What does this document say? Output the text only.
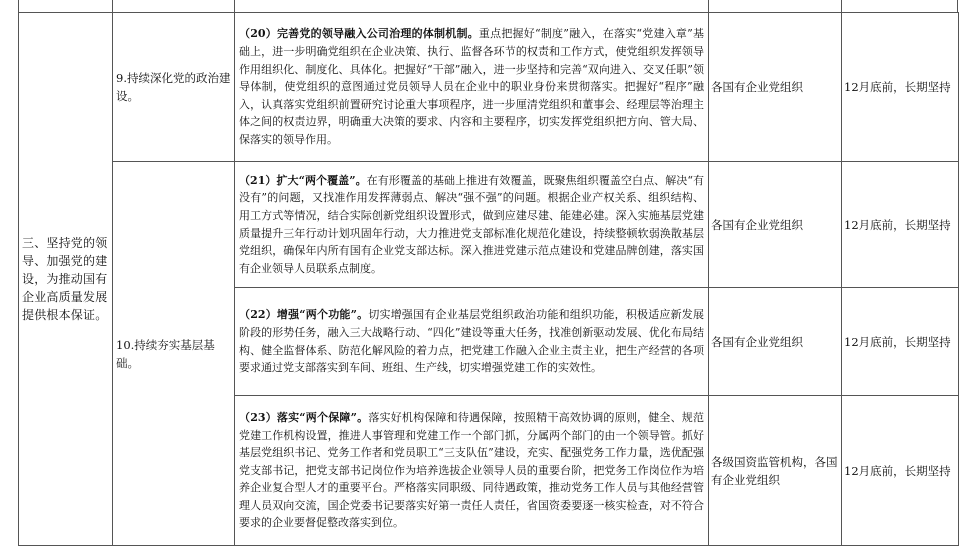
三、坚持党的领导、加强党的建设，为推动国有企业高质量发展提供根本保证。	9.持续深化党的政治建设。	（20）完善党的领导融入公司治理的体制机制。重点把握好“制度”融入，在落实“党建入章”基础上，进一步明确党组织在企业决策、执行、监督各环节的权责和工作方式，使党组织发挥领导作用组织化、制度化、具体化。把握好“干部”融入，进一步坚持和完善“双向进入、交叉任职”领导体制，使党组织的意图通过党员领导人员在企业中的职业身份来贯彻落实。把握好“程序”融入，认真落实党组织前置研究讨论重大事项程序，进一步厘清党组织和董事会、经理层等治理主体之间的权责边界，明确重大决策的要求、内容和主要程序，切实发挥党组织把方向、管大局、保落实的领导作用。	各国有企业党组织	12月底前，长期坚持
	10.持续夯实基层基础。	（21）扩大“两个覆盖”。在有形覆盖的基础上推进有效覆盖，既聚焦组织覆盖空白点、解决“有没有”的问题，又找准作用发挥薄弱点、解决“强不强”的问题。根据企业产权关系、组织结构、用工方式等情况，结合实际创新党组织设置形式，做到应建尽建、能建必建。深入实施基层党建质量提升三年行动计划巩固年行动，大力推进党支部标准化规范化建设，持续整顿软弱涣散基层党组织，确保年内所有国有企业党支部达标。深入推进党建示范点建设和党建品牌创建，落实国有企业领导人员联系点制度。	各国有企业党组织	12月底前，长期坚持
		（22）增强“两个功能”。切实增强国有企业基层党组织政治功能和组织功能，积极适应新发展阶段的形势任务，融入三大战略行动、“四化”建设等重大任务，找准创新驱动发展、优化布局结构、健全监督体系、防范化解风险的着力点，把党建工作融入企业主责主业，把生产经营的各项要求通过党支部落实到车间、班组、生产线，切实增强党建工作的实效性。	各国有企业党组织	12月底前，长期坚持
		（23）落实“两个保障”。落实好机构保障和待遇保障，按照精干高效协调的原则，健全、规范党建工作机构设置，推进人事管理和党建工作一个部门抓，分属两个部门的由一个领导管。抓好基层党组织书记、党务工作者和党员职工“三支队伍”建设，充实、配强党务工作力量，选优配强党支部书记，把党支部书记岗位作为培养选拔企业领导人员的重要台阶，把党务工作岗位作为培养企业复合型人才的重要平台。严格落实同职级、同待遇政策，推动党务工作人员与其他经营管理人员双向交流，国企党委书记要落实好第一责任人责任，省国资委要逐一核实检查，对不符合要求的企业要督促整改落实到位。	各级国资监管机构，各国有企业党组织	12月底前，长期坚持
